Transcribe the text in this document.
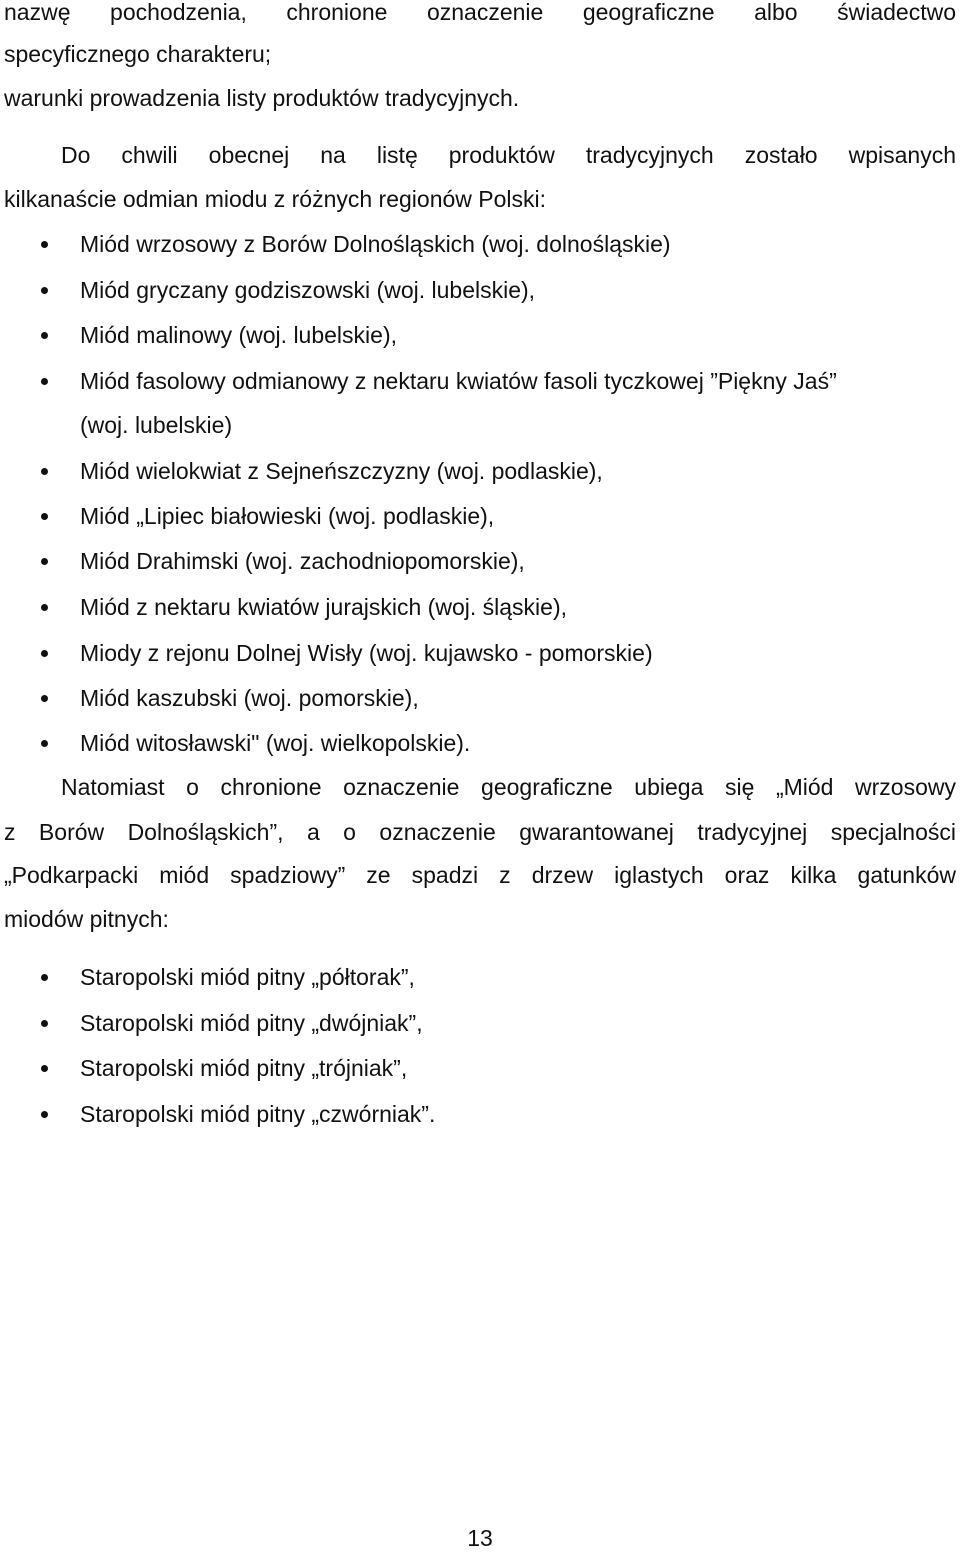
nazwę pochodzenia, chronione oznaczenie geograficzne albo świadectwo
specyficznego charakteru;
warunki prowadzenia listy produktów tradycyjnych.
Do chwili obecnej na listę produktów tradycyjnych zostało wpisanych
kilkanaście odmian miodu z różnych regionów Polski:
Miód wrzosowy z Borów Dolnośląskich (woj. dolnośląskie)
Miód gryczany godziszowski (woj. lubelskie),
Miód malinowy (woj. lubelskie),
Miód fasolowy odmianowy z nektaru kwiatów fasoli tyczkowej ”Piękny Jaś”
(woj. lubelskie)
Miód wielokwiat z Sejneńszczyzny (woj. podlaskie),
Miód „Lipiec białowieski (woj. podlaskie),
Miód Drahimski (woj. zachodniopomorskie),
Miód z nektaru kwiatów jurajskich (woj. śląskie),
Miody z rejonu Dolnej Wisły (woj. kujawsko - pomorskie)
Miód kaszubski (woj. pomorskie),
Miód witosławski" (woj. wielkopolskie).
Natomiast o chronione oznaczenie geograficzne ubiega się „Miód wrzosowy
z Borów Dolnośląskich”, a o oznaczenie gwarantowanej tradycyjnej specjalności
„Podkarpacki miód spadziowy” ze spadzi z drzew iglastych oraz kilka gatunków
miodów pitnych:
Staropolski miód pitny „półtorak”,
Staropolski miód pitny „dwójniak”,
Staropolski miód pitny „trójniak”,
Staropolski miód pitny „czwórniak”.
13
